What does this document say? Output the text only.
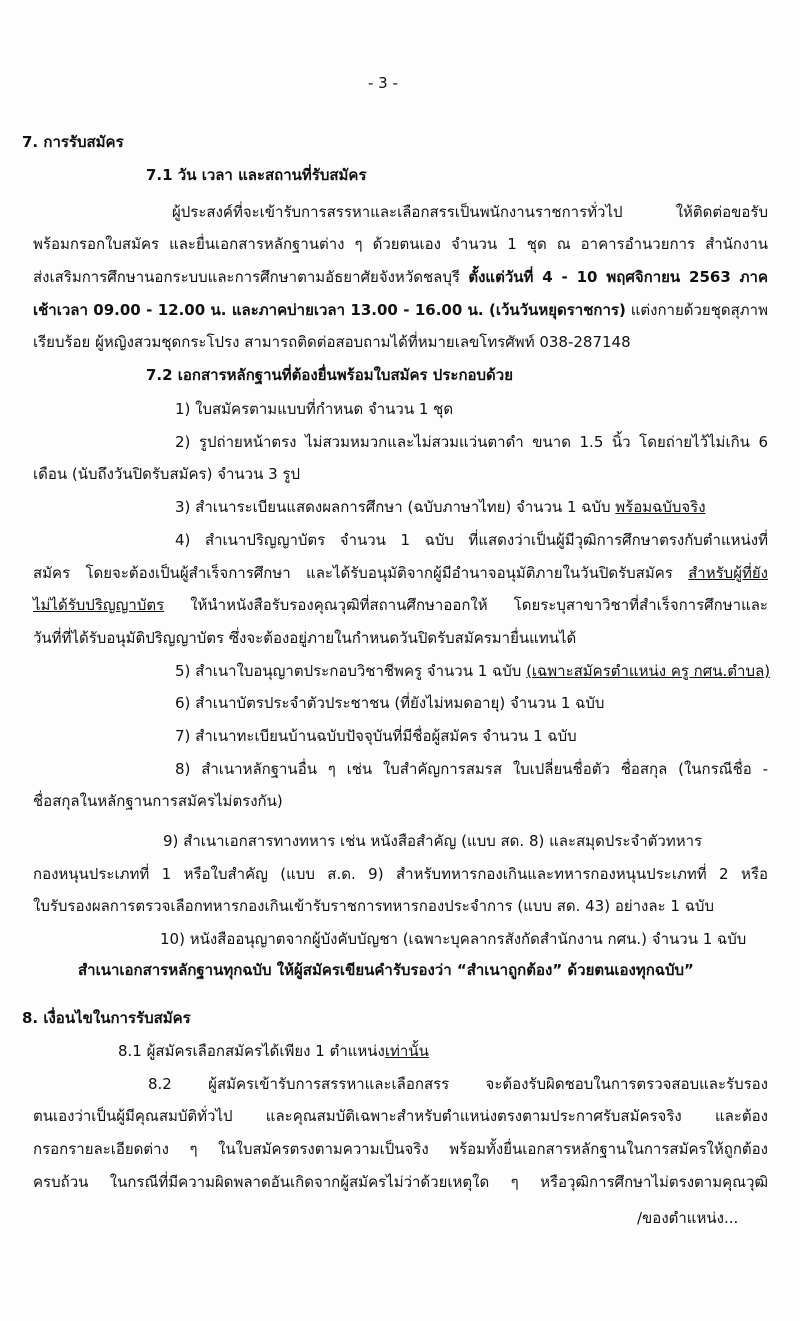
- 3 -
7. การรับสมัคร
7.1 วัน เวลา และสถานที่รับสมัคร
ผู้ประสงค์ที่จะเข้ารับการสรรหาและเลือกสรรเป็นพนักงานราชการทั่วไป ให้ติดต่อขอรับ
พร้อมกรอกใบสมัคร และยื่นเอกสารหลักฐานต่าง ๆ ด้วยตนเอง จำนวน 1 ชุด ณ อาคารอำนวยการ สำนักงาน
ส่งเสริมการศึกษานอกระบบและการศึกษาตามอัธยาศัยจังหวัดชลบุรี ตั้งแต่วันที่ 4 - 10 พฤศจิกายน 2563 ภาค
เช้าเวลา 09.00 - 12.00 น. และภาคบ่ายเวลา 13.00 - 16.00 น. (เว้นวันหยุดราชการ) แต่งกายด้วยชุดสุภาพ
เรียบร้อย ผู้หญิงสวมชุดกระโปรง สามารถติดต่อสอบถามได้ที่หมายเลขโทรศัพท์ 038-287148
7.2 เอกสารหลักฐานที่ต้องยื่นพร้อมใบสมัคร ประกอบด้วย
1) ใบสมัครตามแบบที่กำหนด จำนวน 1 ชุด
2) รูปถ่ายหน้าตรง ไม่สวมหมวกและไม่สวมแว่นตาดำ ขนาด 1.5 นิ้ว โดยถ่ายไว้ไม่เกิน 6
เดือน (นับถึงวันปิดรับสมัคร) จำนวน 3 รูป
3) สำเนาระเบียนแสดงผลการศึกษา (ฉบับภาษาไทย) จำนวน 1 ฉบับ พร้อมฉบับจริง
4) สำเนาปริญญาบัตร จำนวน 1 ฉบับ ที่แสดงว่าเป็นผู้มีวุฒิการศึกษาตรงกับตำแหน่งที่
สมัคร โดยจะต้องเป็นผู้สำเร็จการศึกษา และได้รับอนุมัติจากผู้มีอำนาจอนุมัติภายในวันปิดรับสมัคร สำหรับผู้ที่ยัง
ไม่ได้รับปริญญาบัตร ให้นำหนังสือรับรองคุณวุฒิที่สถานศึกษาออกให้ โดยระบุสาขาวิชาที่สำเร็จการศึกษาและ
วันที่ที่ได้รับอนุมัติปริญญาบัตร ซึ่งจะต้องอยู่ภายในกำหนดวันปิดรับสมัครมายื่นแทนได้
5) สำเนาใบอนุญาตประกอบวิชาชีพครู จำนวน 1 ฉบับ (เฉพาะสมัครตำแหน่ง ครู กศน.ตำบล)
6) สำเนาบัตรประจำตัวประชาชน (ที่ยังไม่หมดอายุ) จำนวน 1 ฉบับ
7) สำเนาทะเบียนบ้านฉบับปัจจุบันที่มีชื่อผู้สมัคร จำนวน 1 ฉบับ
8) สำเนาหลักฐานอื่น ๆ เช่น ใบสำคัญการสมรส ใบเปลี่ยนชื่อตัว ชื่อสกุล (ในกรณีชื่อ -
ชื่อสกุลในหลักฐานการสมัครไม่ตรงกัน)
9) สำเนาเอกสารทางทหาร เช่น หนังสือสำคัญ (แบบ สด. 8) และสมุดประจำตัวทหาร
กองหนุนประเภทที่ 1 หรือใบสำคัญ (แบบ ส.ด. 9) สำหรับทหารกองเกินและทหารกองหนุนประเภทที่ 2 หรือ
ใบรับรองผลการตรวจเลือกทหารกองเกินเข้ารับราชการทหารกองประจำการ (แบบ สด. 43) อย่างละ 1 ฉบับ
10) หนังสืออนุญาตจากผู้บังคับบัญชา (เฉพาะบุคลากรสังกัดสำนักงาน กศน.) จำนวน 1 ฉบับ
สำเนาเอกสารหลักฐานทุกฉบับ ให้ผู้สมัครเขียนคำรับรองว่า “สำเนาถูกต้อง” ด้วยตนเองทุกฉบับ”
8. เงื่อนไขในการรับสมัคร
8.1 ผู้สมัครเลือกสมัครได้เพียง 1 ตำแหน่งเท่านั้น
8.2 ผู้สมัครเข้ารับการสรรหาและเลือกสรร จะต้องรับผิดชอบในการตรวจสอบและรับรอง
ตนเองว่าเป็นผู้มีคุณสมบัติทั่วไป และคุณสมบัติเฉพาะสำหรับตำแหน่งตรงตามประกาศรับสมัครจริง และต้อง
กรอกรายละเอียดต่าง ๆ ในใบสมัครตรงตามความเป็นจริง พร้อมทั้งยื่นเอกสารหลักฐานในการสมัครให้ถูกต้อง
ครบถ้วน ในกรณีที่มีความผิดพลาดอันเกิดจากผู้สมัครไม่ว่าด้วยเหตุใด ๆ หรือวุฒิการศึกษาไม่ตรงตามคุณวุฒิ
/ของตำแหน่ง...
